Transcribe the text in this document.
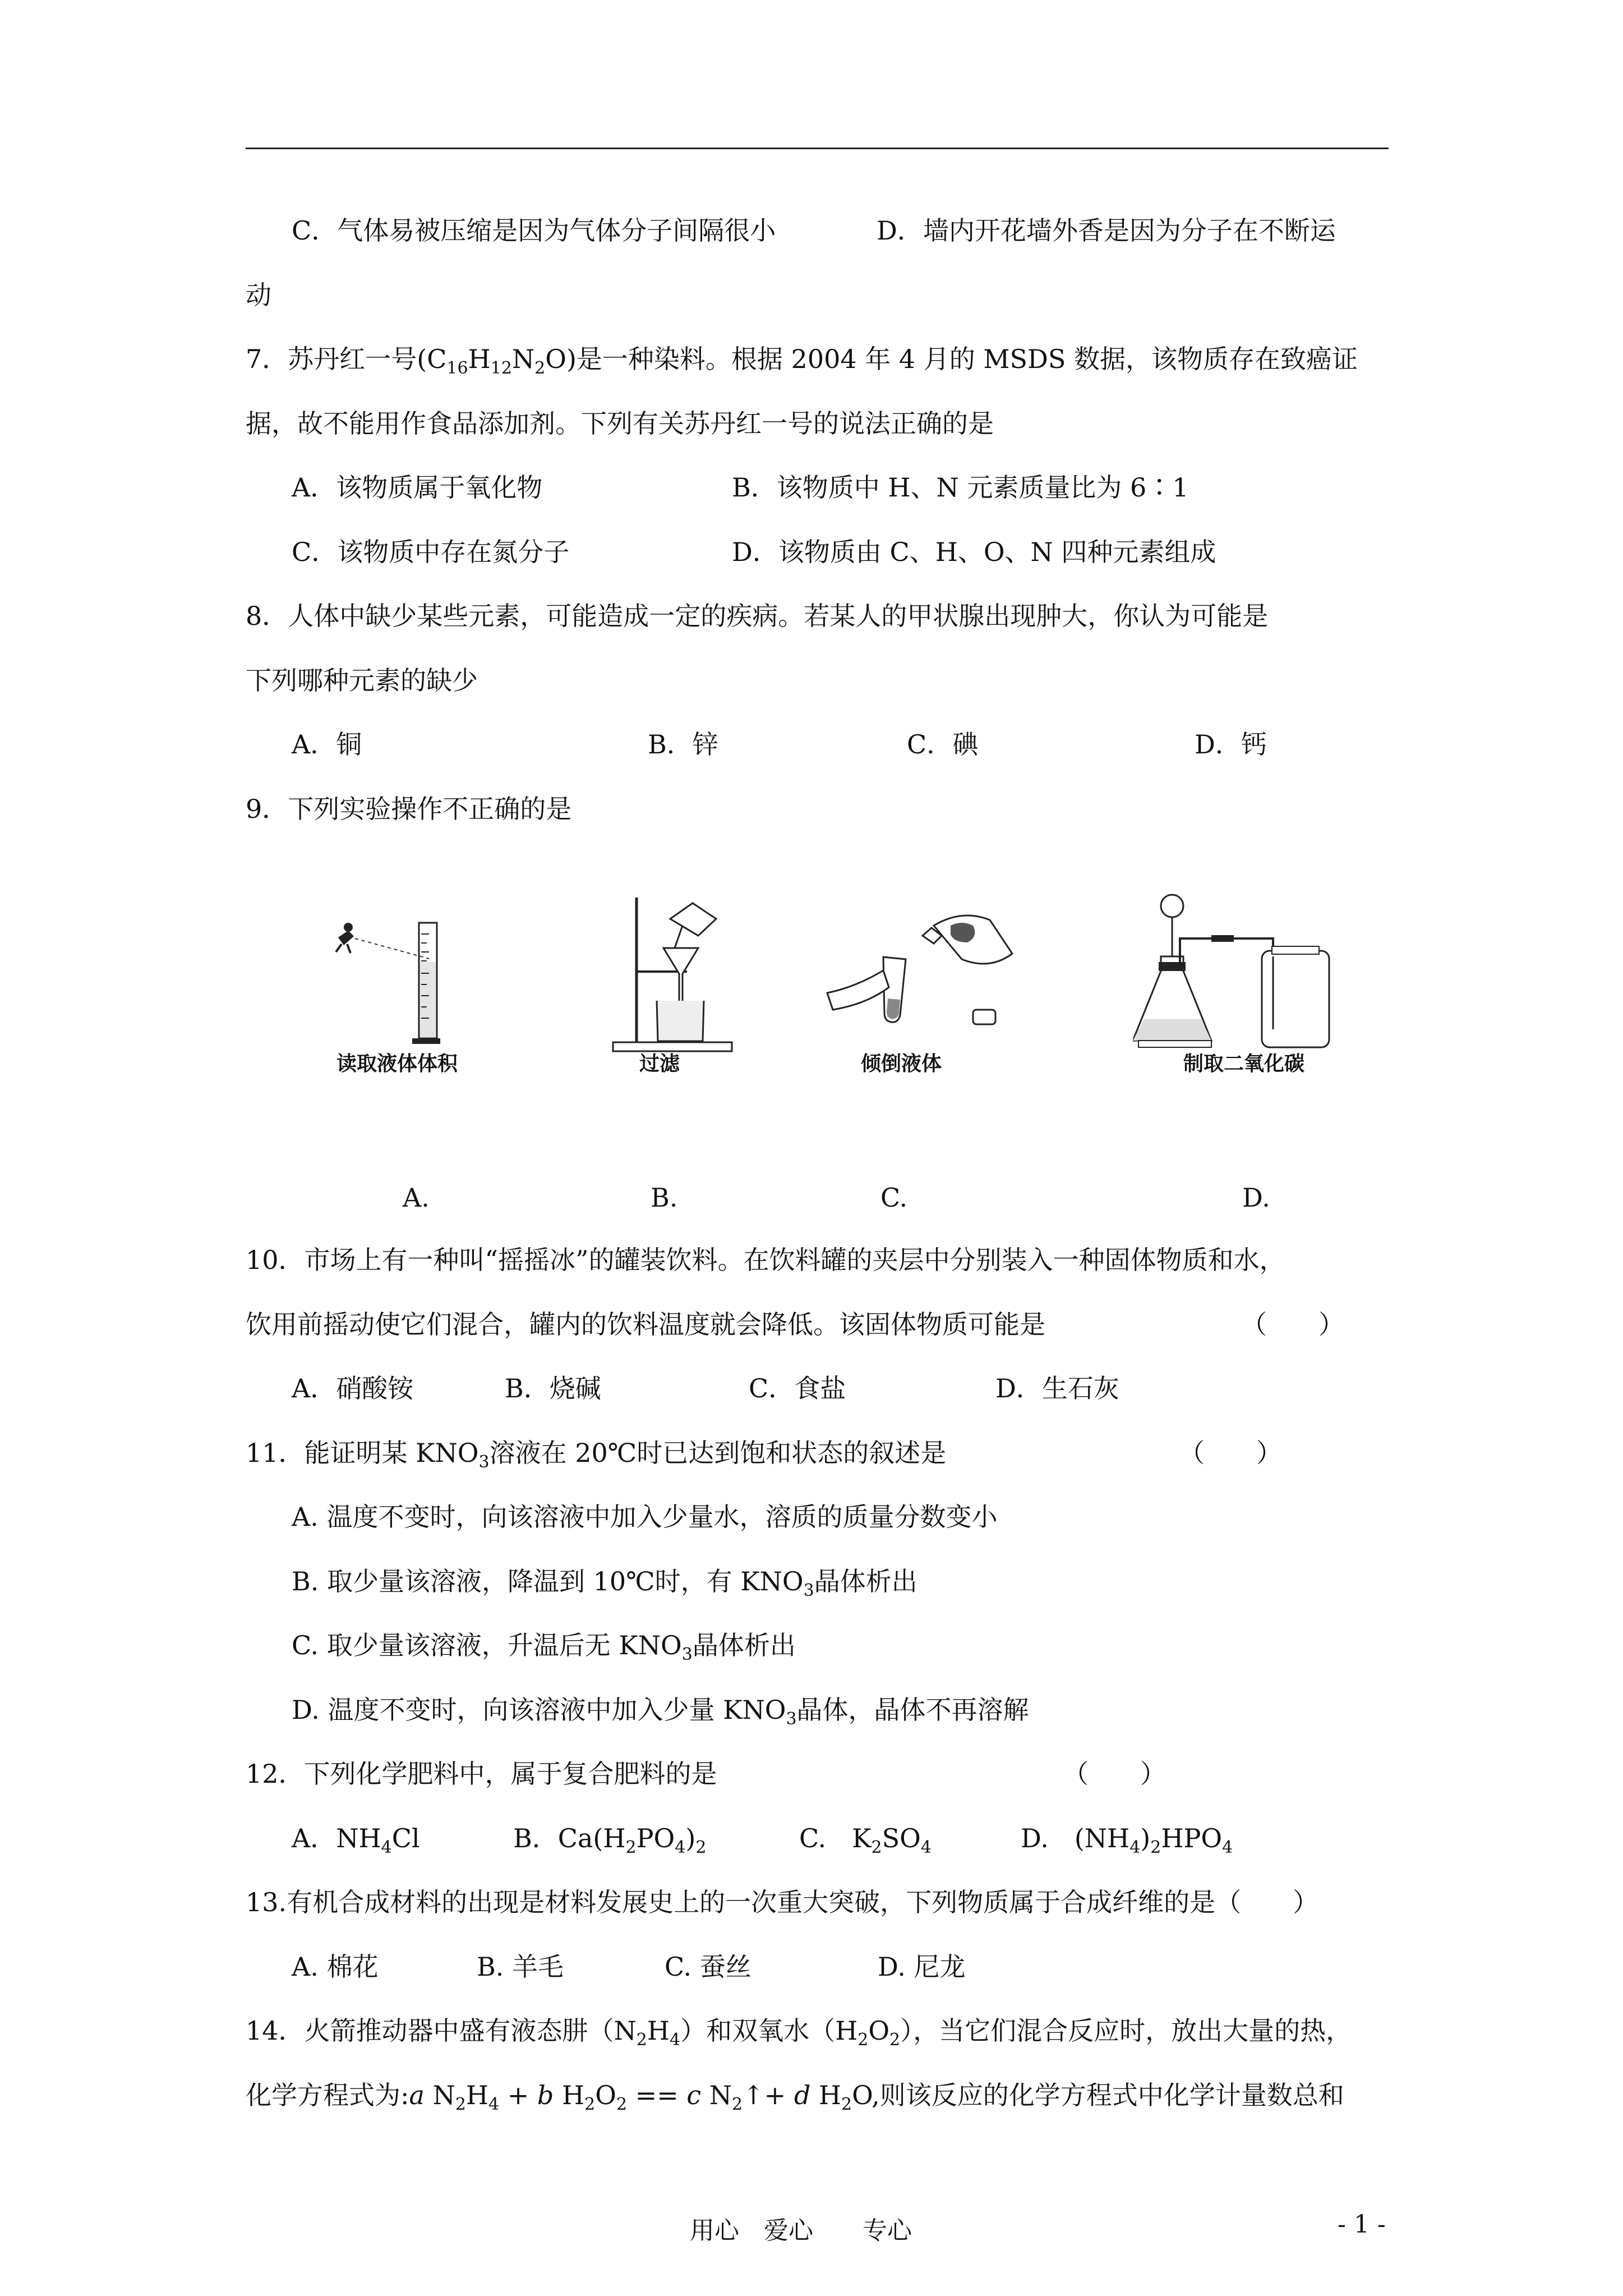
C．气体易被压缩是因为气体分子间隔很小	D．墙内开花墙外香是因为分子在不断运
动
7．苏丹红一号$(C_{16}H_{12}N_2O)$是一种染料。根据 2004 年 4 月的 MSDS 数据，该物质存在致癌证
据，故不能用作食品添加剂。下列有关苏丹红一号的说法正确的是
A．该物质属于氧化物	B．该物质中 H、N 元素质量比为 6∶1
C．该物质中存在氮分子	D．该物质由 C、H、O、N 四种元素组成
8．人体中缺少某些元素，可能造成一定的疾病。若某人的甲状腺出现肿大，你认为可能是
下列哪种元素的缺少
A．铜	B．锌	C．碘	D．钙
9．下列实验操作不正确的是
读取液体体积	过滤	倾倒液体	制取二氧化碳
A.	B.	C.	D.
10．市场上有一种叫“摇摇冰”的罐装饮料。在饮料罐的夹层中分别装入一种固体物质和水，
饮用前摇动使它们混合，罐内的饮料温度就会降低。该固体物质可能是	（　　）
A．硝酸铵	B．烧碱	C．食盐	D．生石灰
11．能证明某 $KNO_3$溶液在 20℃时已达到饱和状态的叙述是	（　　）
A. 温度不变时，向该溶液中加入少量水，溶质的质量分数变小
B. 取少量该溶液，降温到 10℃时，有 $KNO_3$晶体析出
C. 取少量该溶液，升温后无 $KNO_3$晶体析出
D. 温度不变时，向该溶液中加入少量 $KNO_3$晶体，晶体不再溶解
12．下列化学肥料中，属于复合肥料的是	（　　）
A．$NH_4Cl$	B．$Ca(H_2PO_4)_2$	C.　$K_2SO_4$	D.　$(NH_4)_2HPO_4$
13.有机合成材料的出现是材料发展史上的一次重大突破，下列物质属于合成纤维的是（　　）
A. 棉花	B. 羊毛	C. 蚕丝	D. 尼龙
14．火箭推动器中盛有液态肼$(N_2H_4)$和双氧水$(H_2O_2)$，当它们混合反应时，放出大量的热，
化学方程式为:a $N_2H_4 + b$ $H_2O_2 == c$ $N_2↑+ d$ $H_2O$,则该反应的化学方程式中化学计量数总和
用心　爱心　　专心	- 1 -
